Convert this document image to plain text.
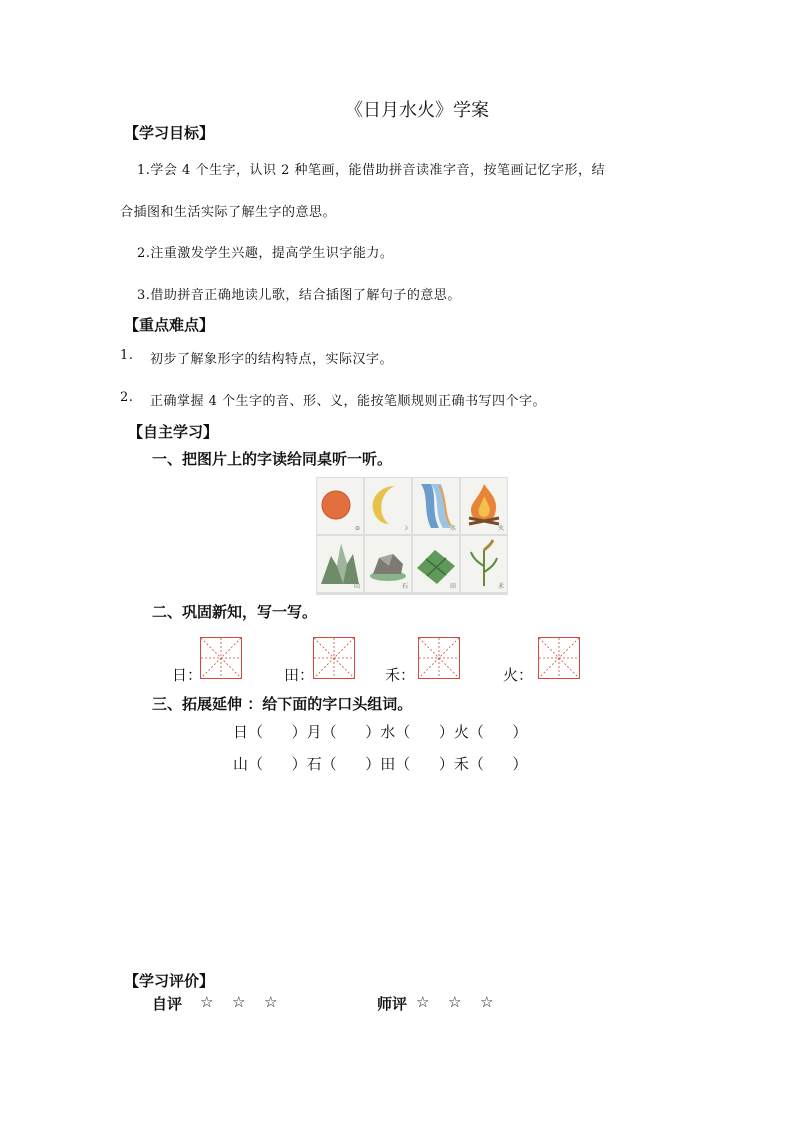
《日月水火》学案
【学习目标】
1.学会 4 个生字，认识 2 种笔画，能借助拼音读准字音，按笔画记忆字形，结
合插图和生活实际了解生字的意思。
2.注重激发学生兴趣，提高学生识字能力。
3.借助拼音正确地读儿歌，结合插图了解句子的意思。
【重点难点】
1. 初步了解象形字的结构特点，实际汉字。
2. 正确掌握 4 个生字的音、形、义，能按笔顺规则正确书写四个字。
【自主学习】
一、把图片上的字读给同桌听一听。
⊙	☽	水	火
山	石	田	禾
二、巩固新知，写一写。
日：	田：	禾：	火：
三、拓展延伸 ：给下面的字口头组词。
日（      ）月（      ）水（      ）火（      ）
山（      ）石（      ）田（      ）禾（      ）
【学习评价】
自评 ☆ ☆ ☆	师评 ☆ ☆ ☆
